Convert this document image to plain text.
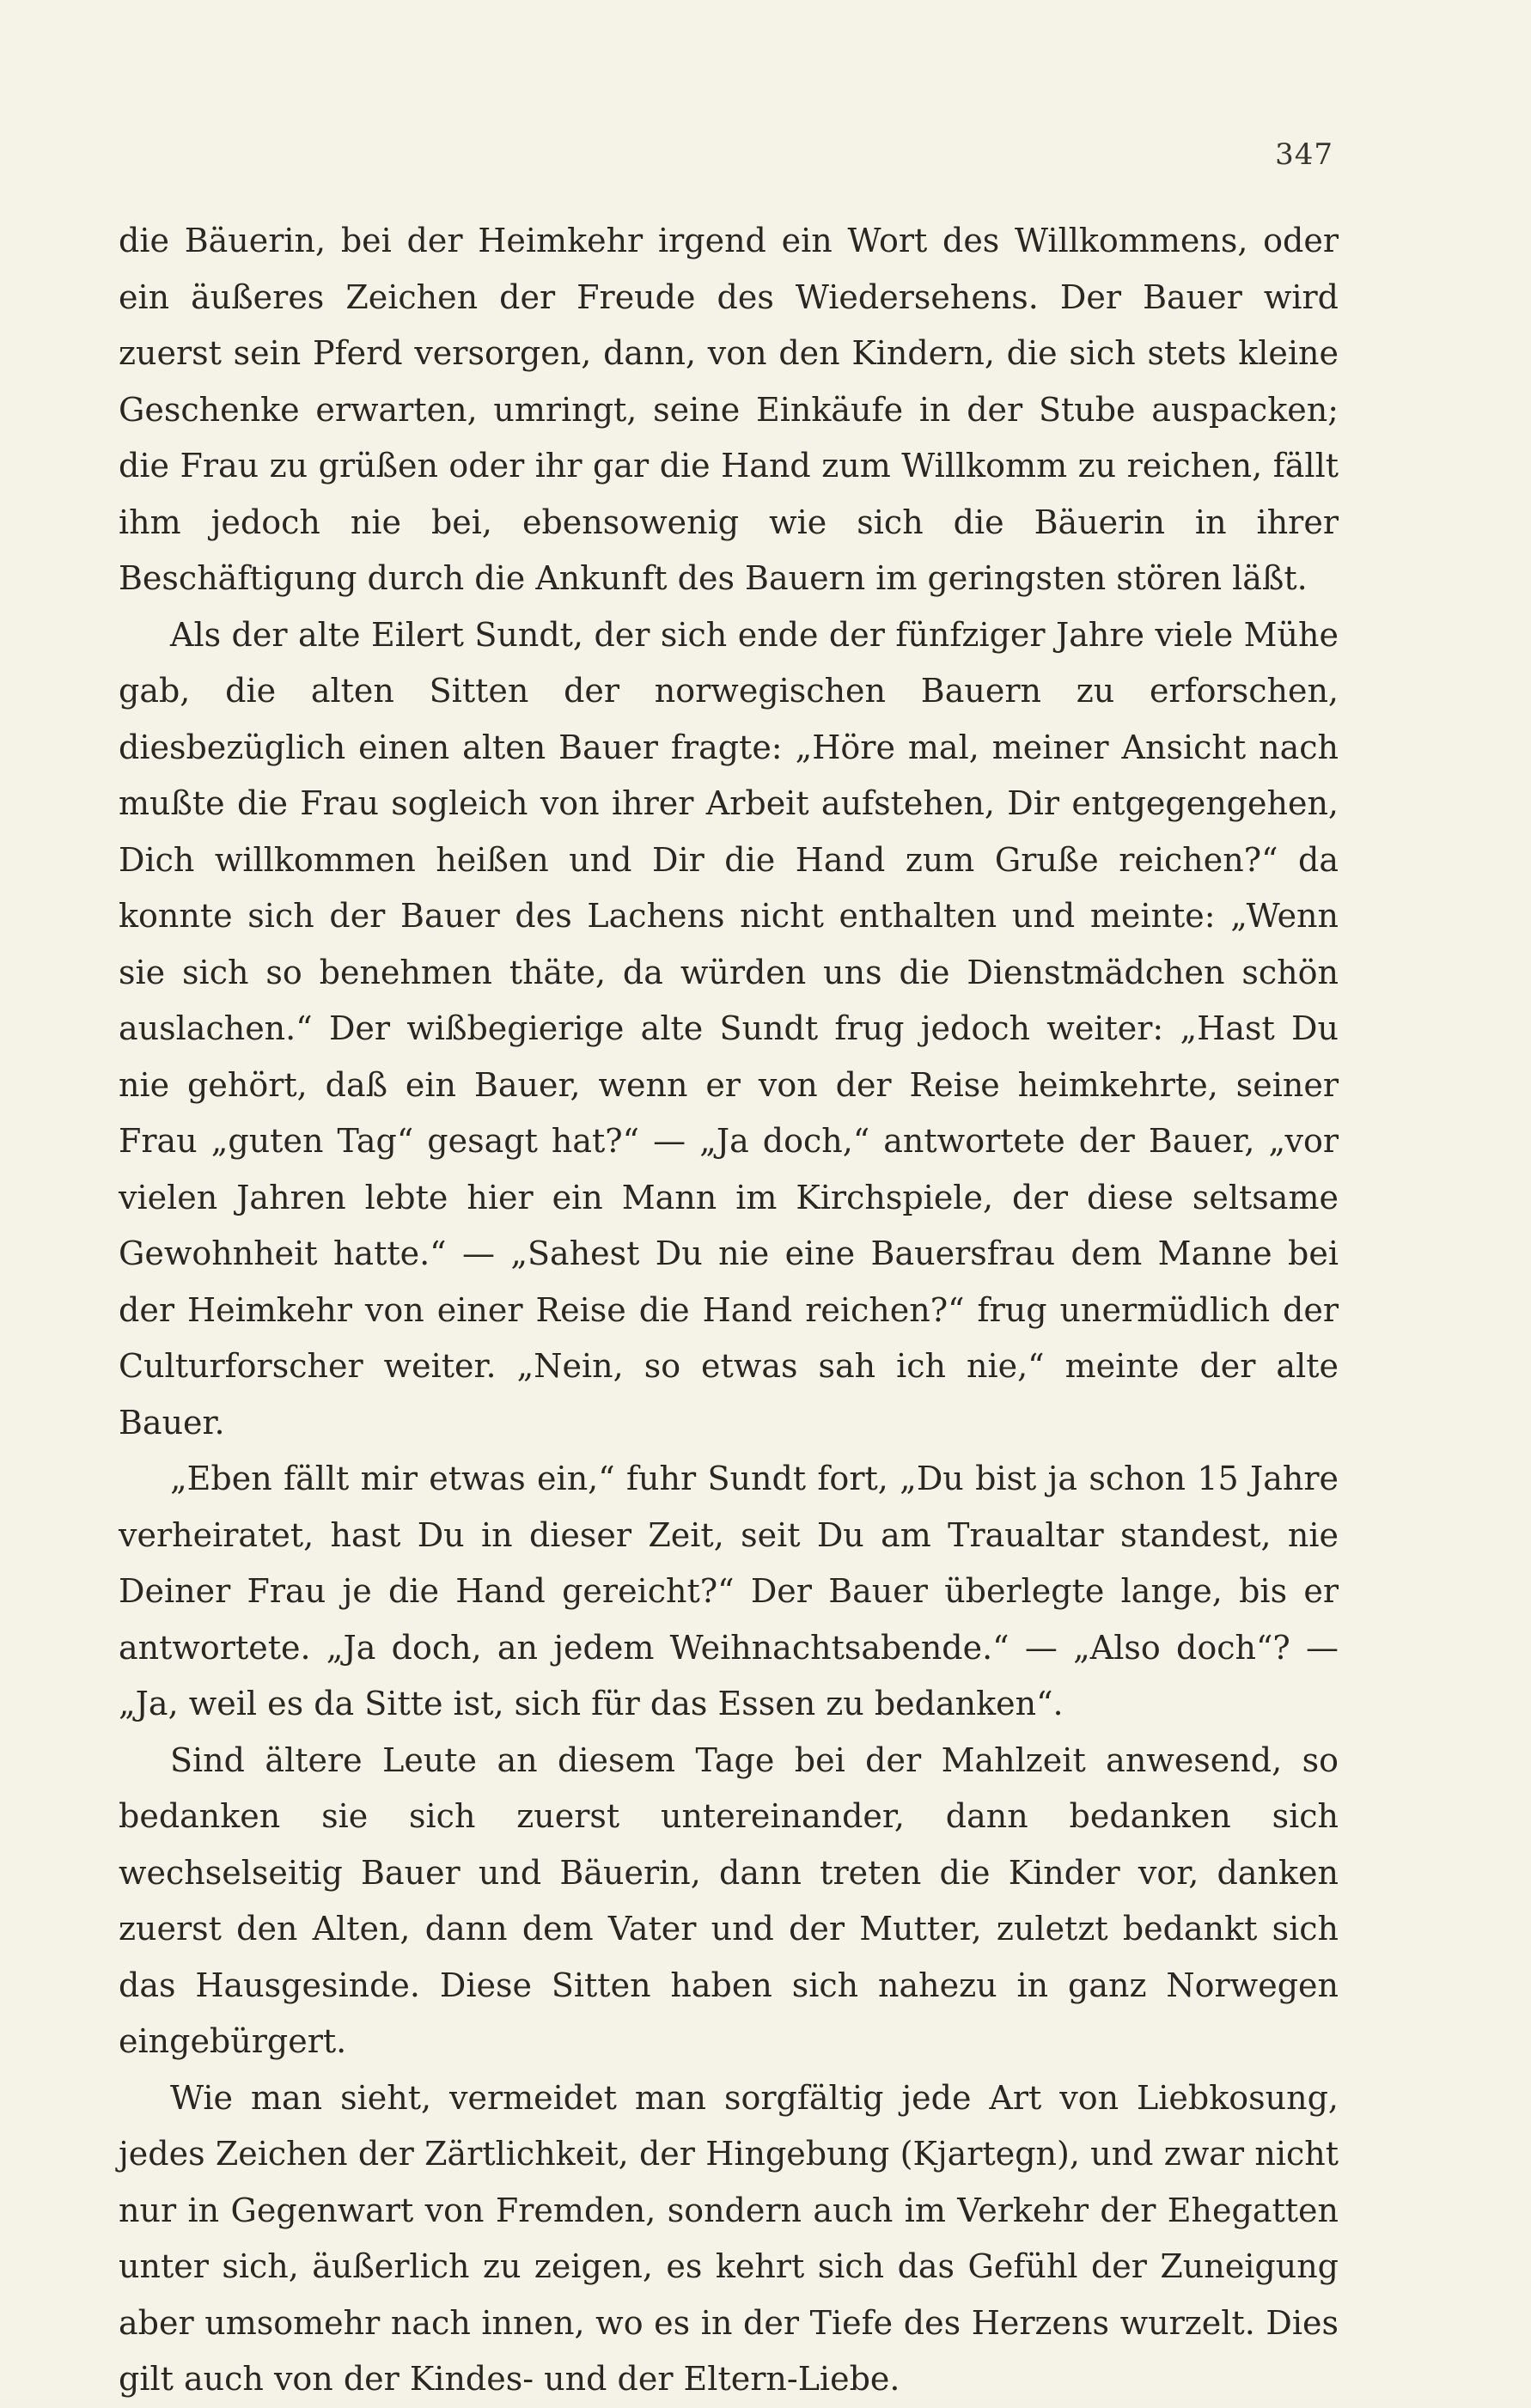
347

die Bäuerin, bei der Heimkehr irgend ein Wort des Willkommens, oder ein äußeres Zeichen der Freude des Wiedersehens. Der Bauer wird zuerst sein Pferd versorgen, dann, von den Kindern, die sich stets kleine Geschenke erwarten, umringt, seine Einkäufe in der Stube auspacken; die Frau zu grüßen oder ihr gar die Hand zum Willkomm zu reichen, fällt ihm jedoch nie bei, ebensowenig wie sich die Bäuerin in ihrer Beschäftigung durch die Ankunft des Bauern im geringsten stören läßt.

Als der alte Eilert Sundt, der sich ende der fünfziger Jahre viele Mühe gab, die alten Sitten der norwegischen Bauern zu erforschen, diesbezüglich einen alten Bauer fragte: „Höre mal, meiner Ansicht nach mußte die Frau sogleich von ihrer Arbeit aufstehen, Dir entgegengehen, Dich willkommen heißen und Dir die Hand zum Gruße reichen?“ da konnte sich der Bauer des Lachens nicht enthalten und meinte: „Wenn sie sich so benehmen thäte, da würden uns die Dienstmädchen schön auslachen.“ Der wißbegierige alte Sundt frug jedoch weiter: „Hast Du nie gehört, daß ein Bauer, wenn er von der Reise heimkehrte, seiner Frau „guten Tag“ gesagt hat?“ — „Ja doch,“ antwortete der Bauer, „vor vielen Jahren lebte hier ein Mann im Kirchspiele, der diese seltsame Gewohnheit hatte.“ — „Sahest Du nie eine Bauersfrau dem Manne bei der Heimkehr von einer Reise die Hand reichen?“ frug unermüdlich der Culturforscher weiter. „Nein, so etwas sah ich nie,“ meinte der alte Bauer.

„Eben fällt mir etwas ein,“ fuhr Sundt fort, „Du bist ja schon 15 Jahre verheiratet, hast Du in dieser Zeit, seit Du am Traualtar standest, nie Deiner Frau je die Hand gereicht?“ Der Bauer überlegte lange, bis er antwortete. „Ja doch, an jedem Weihnachtsabende.“ — „Also doch“? — „Ja, weil es da Sitte ist, sich für das Essen zu bedanken“.

Sind ältere Leute an diesem Tage bei der Mahlzeit anwesend, so bedanken sie sich zuerst untereinander, dann bedanken sich wechselseitig Bauer und Bäuerin, dann treten die Kinder vor, danken zuerst den Alten, dann dem Vater und der Mutter, zuletzt bedankt sich das Hausgesinde. Diese Sitten haben sich nahezu in ganz Norwegen eingebürgert.

Wie man sieht, vermeidet man sorgfältig jede Art von Liebkosung, jedes Zeichen der Zärtlichkeit, der Hingebung (Kjartegn), und zwar nicht nur in Gegenwart von Fremden, sondern auch im Verkehr der Ehegatten unter sich, äußerlich zu zeigen, es kehrt sich das Gefühl der Zuneigung aber umsomehr nach innen, wo es in der Tiefe des Herzens wurzelt. Dies gilt auch von der Kindes- und der Eltern-Liebe.
